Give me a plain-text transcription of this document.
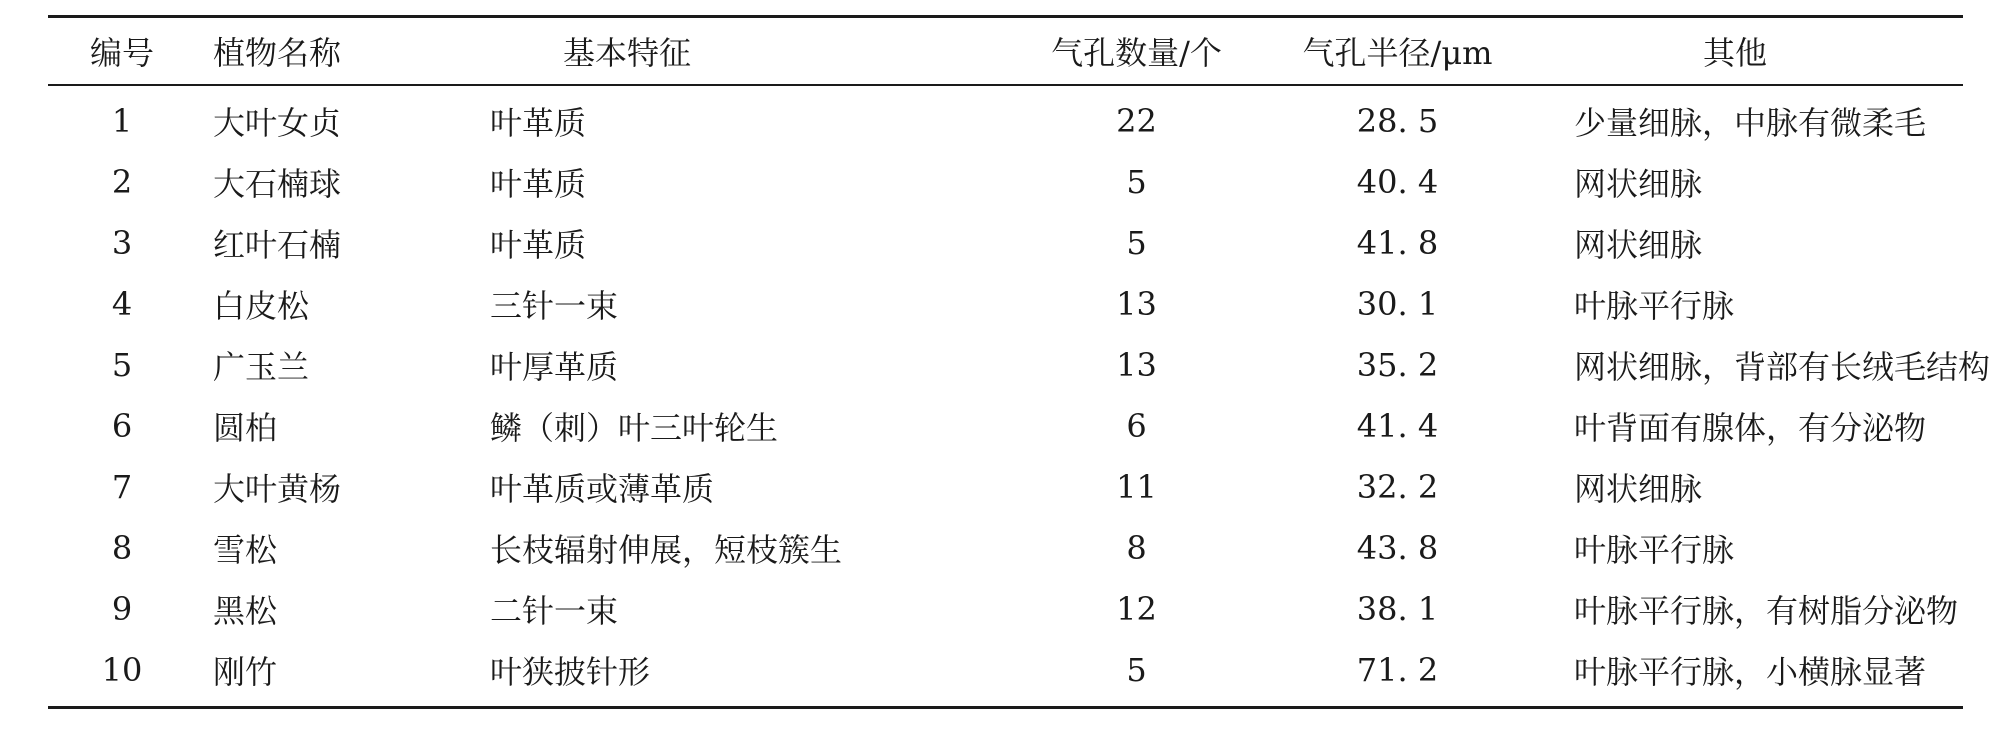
编号	植物名称	基本特征	气孔数量/个	气孔半径/μm	其他
1	大叶女贞	叶革质	22	28. 5	少量细脉，中脉有微柔毛
2	大石楠球	叶革质	5	40. 4	网状细脉
3	红叶石楠	叶革质	5	41. 8	网状细脉
4	白皮松	三针一束	13	30. 1	叶脉平行脉
5	广玉兰	叶厚革质	13	35. 2	网状细脉，背部有长绒毛结构
6	圆柏	鳞（刺）叶三叶轮生	6	41. 4	叶背面有腺体，有分泌物
7	大叶黄杨	叶革质或薄革质	11	32. 2	网状细脉
8	雪松	长枝辐射伸展，短枝簇生	8	43. 8	叶脉平行脉
9	黑松	二针一束	12	38. 1	叶脉平行脉，有树脂分泌物
10	刚竹	叶狭披针形	5	71. 2	叶脉平行脉，小横脉显著
